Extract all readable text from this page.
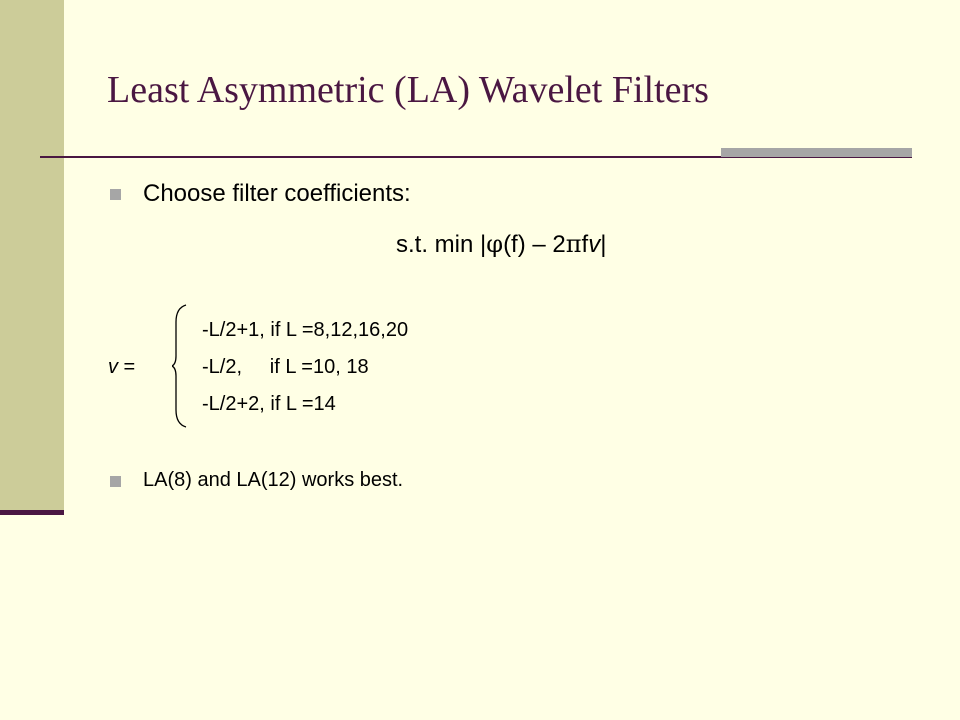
Least Asymmetric (LA) Wavelet Filters
Choose filter coefficients:
s.t. min |φ(f) – 2πfv|
v =
-L/2+1, if L =8,12,16,20
-L/2,     if L =10, 18
-L/2+2, if L =14
LA(8) and LA(12) works best.
